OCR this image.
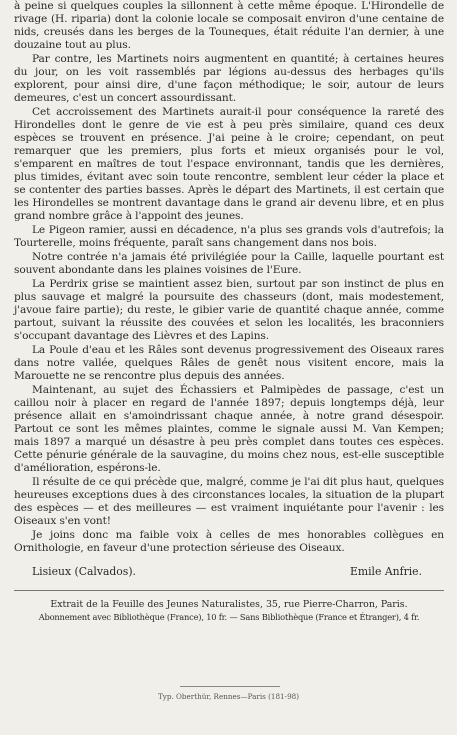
à peine si quelques couples la sillonnent à cette même époque. L'Hirondelle de rivage (H. riparia) dont la colonie locale se composait environ d'une centaine de nids, creusés dans les berges de la Touneques, était réduite l'an dernier, à une douzaine tout au plus.

Par contre, les Martinets noirs augmentent en quantité; à certaines heures du jour, on les voit rassemblés par légions au-dessus des herbages qu'ils explorent, pour ainsi dire, d'une façon méthodique; le soir, autour de leurs demeures, c'est un concert assourdissant.

Cet accroissement des Martinets aurait-il pour conséquence la rareté des Hirondelles dont le genre de vie est à peu près similaire, quand ces deux espèces se trouvent en présence. J'ai peine à le croire; cependant, on peut remarquer que les premiers, plus forts et mieux organisés pour le vol, s'emparent en maîtres de tout l'espace environnant, tandis que les dernières, plus timides, évitant avec soin toute rencontre, semblent leur céder la place et se contenter des parties basses. Après le départ des Martinets, il est certain que les Hirondelles se montrent davantage dans le grand air devenu libre, et en plus grand nombre grâce à l'appoint des jeunes.

Le Pigeon ramier, aussi en décadence, n'a plus ses grands vols d'autrefois; la Tourterelle, moins fréquente, paraît sans changement dans nos bois.

Notre contrée n'a jamais été privilégiée pour la Caille, laquelle pourtant est souvent abondante dans les plaines voisines de l'Eure.

La Perdrix grise se maintient assez bien, surtout par son instinct de plus en plus sauvage et malgré la poursuite des chasseurs (dont, mais modestement, j'avoue faire partie); du reste, le gibier varie de quantité chaque année, comme partout, suivant la réussite des couvées et selon les localités, les braconniers s'occupant davantage des Lièvres et des Lapins.

La Poule d'eau et les Râles sont devenus progressivement des Oiseaux rares dans notre vallée, quelques Râles de genêt nous visitent encore, mais la Marouette ne se rencontre plus depuis des années.

Maintenant, au sujet des Échassiers et Palmipèdes de passage, c'est un caillou noir à placer en regard de l'année 1897; depuis longtemps déjà, leur présence allait en s'amoindrissant chaque année, à notre grand désespoir. Partout ce sont les mêmes plaintes, comme le signale aussi M. Van Kempen; mais 1897 a marqué un désastre à peu près complet dans toutes ces espèces. Cette pénurie générale de la sauvagine, du moins chez nous, est-elle susceptible d'amélioration, espérons-le.

Il résulte de ce qui précède que, malgré, comme je l'ai dit plus haut, quelques heureuses exceptions dues à des circonstances locales, la situation de la plupart des espèces — et des meilleures — est vraiment inquiétante pour l'avenir : les Oiseaux s'en vont!

Je joins donc ma faible voix à celles de mes honorables collègues en Ornithologie, en faveur d'une protection sérieuse des Oiseaux.

Lisieux (Calvados).	Emile Anfrie.

Extrait de la Feuille des Jeunes Naturalistes, 35, rue Pierre-Charron, Paris.

Abonnement avec Bibliothèque (France), 10 fr. — Sans Bibliothèque (France et Étranger), 4 fr.

Typ. Oberthür, Rennes—Paris (181-98)
